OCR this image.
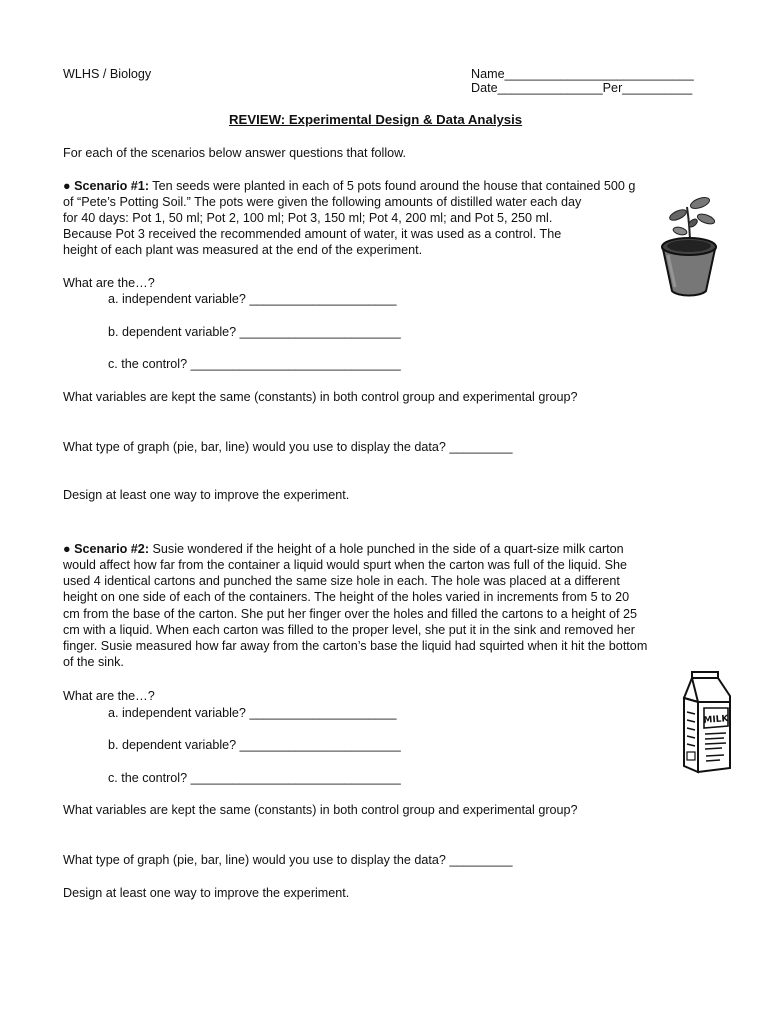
WLHS / Biology	Name___________________________
Date_______________Per__________
REVIEW: Experimental Design & Data Analysis
For each of the scenarios below answer questions that follow.
● Scenario #1: Ten seeds were planted in each of 5 pots found around the house that contained 500 g
of “Pete’s Potting Soil.” The pots were given the following amounts of distilled water each day
for 40 days: Pot 1, 50 ml; Pot 2, 100 ml; Pot 3, 150 ml; Pot 4, 200 ml; and Pot 5, 250 ml.
Because Pot 3 received the recommended amount of water, it was used as a control. The
height of each plant was measured at the end of the experiment.
What are the…?
a. independent variable? _____________________
b. dependent variable? _______________________
c. the control? ______________________________
What variables are kept the same (constants) in both control group and experimental group?
What type of graph (pie, bar, line) would you use to display the data? _________
Design at least one way to improve the experiment.
● Scenario #2: Susie wondered if the height of a hole punched in the side of a quart-size milk carton
would affect how far from the container a liquid would spurt when the carton was full of the liquid. She
used 4 identical cartons and punched the same size hole in each. The hole was placed at a different
height on one side of each of the containers. The height of the holes varied in increments from 5 to 20
cm from the base of the carton. She put her finger over the holes and filled the cartons to a height of 25
cm with a liquid. When each carton was filled to the proper level, she put it in the sink and removed her
finger. Susie measured how far away from the carton’s base the liquid had squirted when it hit the bottom
of the sink.
MILK
What are the…?
a. independent variable? _____________________
b. dependent variable? _______________________
c. the control? ______________________________
What variables are kept the same (constants) in both control group and experimental group?
What type of graph (pie, bar, line) would you use to display the data? _________
Design at least one way to improve the experiment.
